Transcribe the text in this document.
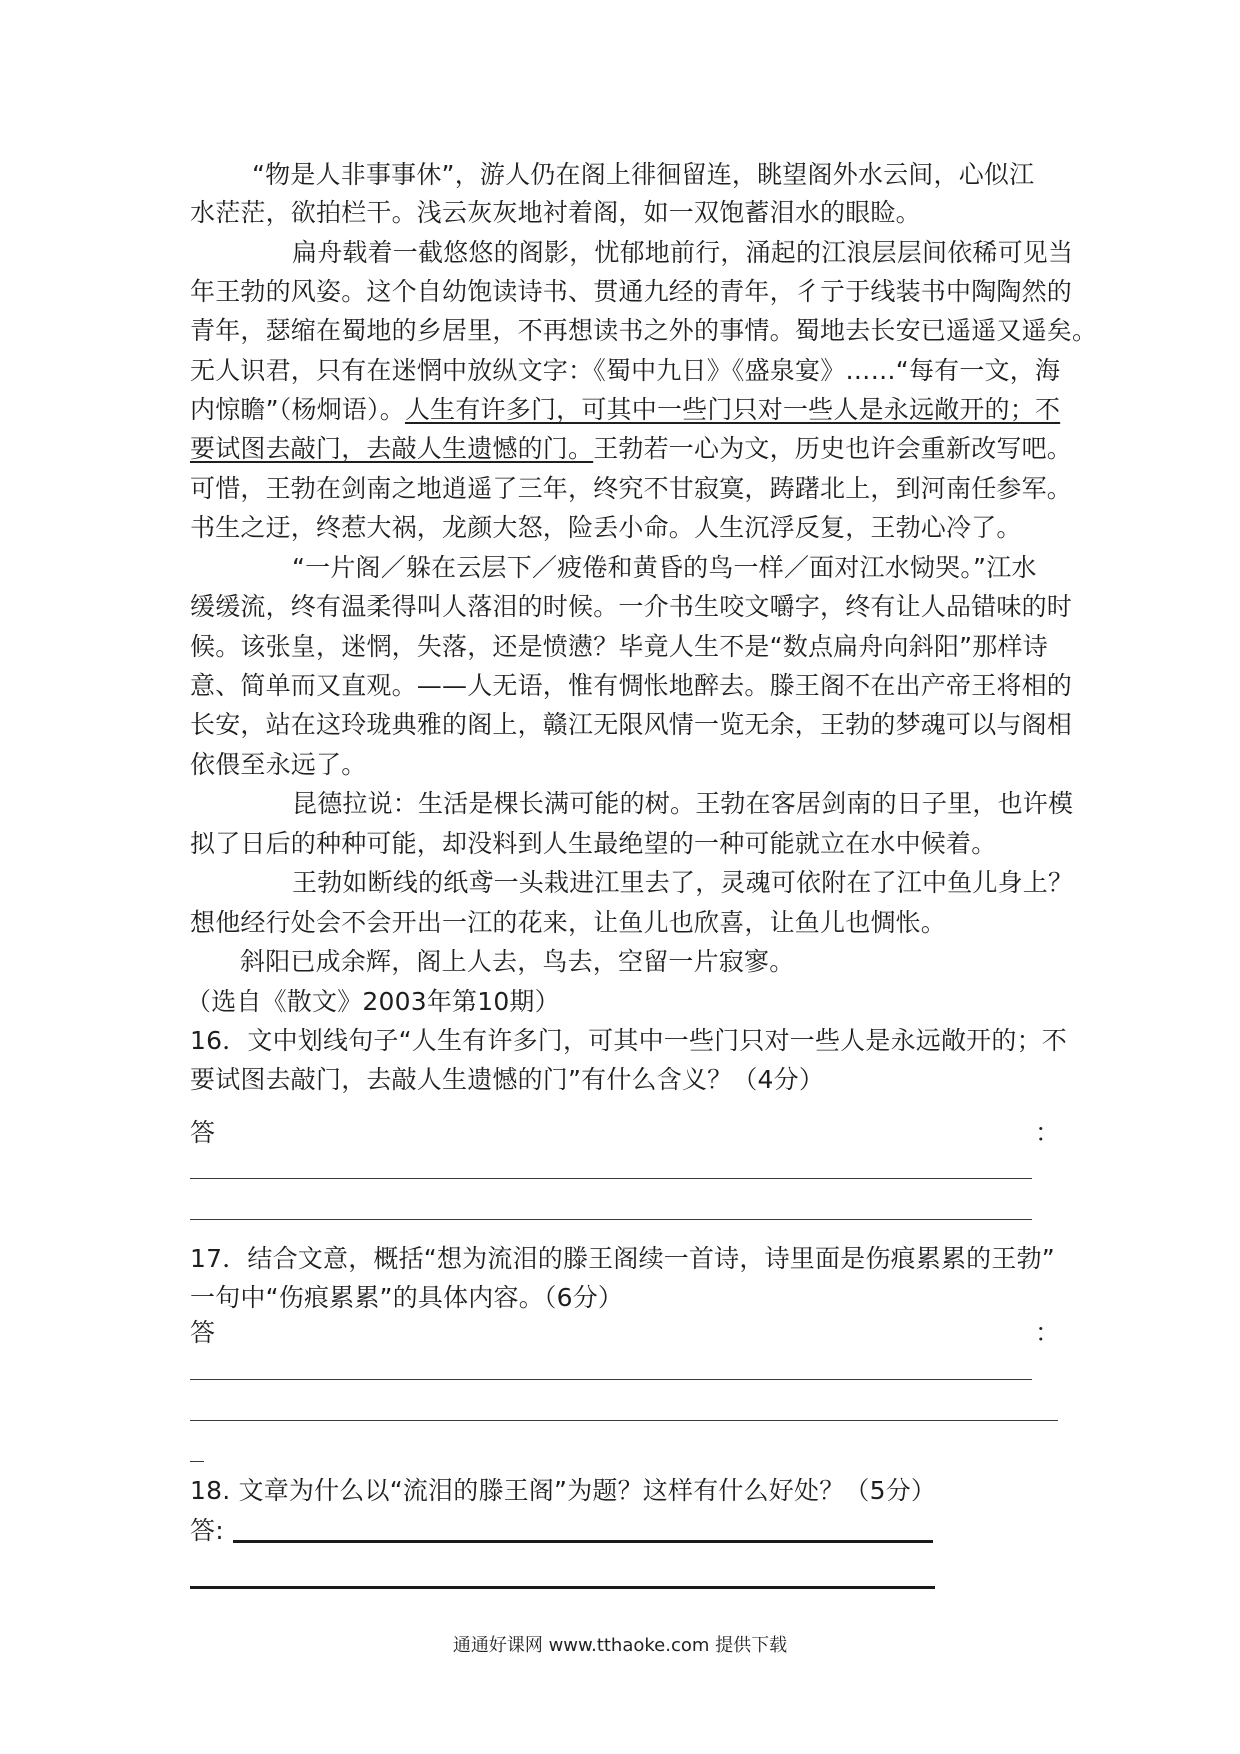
“物是人非事事休”，游人仍在阁上徘徊留连，眺望阁外水云间，心似江
水茫茫，欲拍栏干。浅云灰灰地衬着阁，如一双饱蓄泪水的眼睑。
扁舟载着一截悠悠的阁影，忧郁地前行，涌起的江浪层层间依稀可见当
年王勃的风姿。这个自幼饱读诗书、贯通九经的青年，彳亍于线装书中陶陶然的
青年，瑟缩在蜀地的乡居里，不再想读书之外的事情。蜀地去长安已遥遥又遥矣。
无人识君，只有在迷惘中放纵文字：《蜀中九日》《盛泉宴》……“每有一文，海
内惊瞻”（杨炯语）。人生有许多门，可其中一些门只对一些人是永远敞开的；不
要试图去敲门，去敲人生遗憾的门。王勃若一心为文，历史也许会重新改写吧。
可惜，王勃在剑南之地逍遥了三年，终究不甘寂寞，踌躇北上，到河南任参军。
书生之迂，终惹大祸，龙颜大怒，险丢小命。人生沉浮反复，王勃心冷了。
“一片阁／躲在云层下／疲倦和黄昏的鸟一样／面对江水恸哭。”江水
缓缓流，终有温柔得叫人落泪的时候。一介书生咬文嚼字，终有让人品错味的时
候。该张皇，迷惘，失落，还是愤懑？毕竟人生不是“数点扁舟向斜阳”那样诗
意、简单而又直观。——人无语，惟有惆怅地醉去。滕王阁不在出产帝王将相的
长安，站在这玲珑典雅的阁上，赣江无限风情一览无余，王勃的梦魂可以与阁相
依偎至永远了。
昆德拉说：生活是棵长满可能的树。王勃在客居剑南的日子里，也许模
拟了日后的种种可能，却没料到人生最绝望的一种可能就立在水中候着。
王勃如断线的纸鸢一头栽进江里去了，灵魂可依附在了江中鱼儿身上？
想他经行处会不会开出一江的花来，让鱼儿也欣喜，让鱼儿也惆怅。
斜阳已成余辉，阁上人去，鸟去，空留一片寂寥。
（选自《散文》2003年第10期）
16．文中划线句子“人生有许多门，可其中一些门只对一些人是永远敞开的；不
要试图去敲门，去敲人生遗憾的门”有什么含义？（4分）
答	：
17．结合文意，概括“想为流泪的滕王阁续一首诗，诗里面是伤痕累累的王勃”
一句中“伤痕累累”的具体内容。（6分）
答	：
18. 文章为什么以“流泪的滕王阁”为题？这样有什么好处？（5分）
答:
通通好课网 www.tthaoke.com 提供下载
